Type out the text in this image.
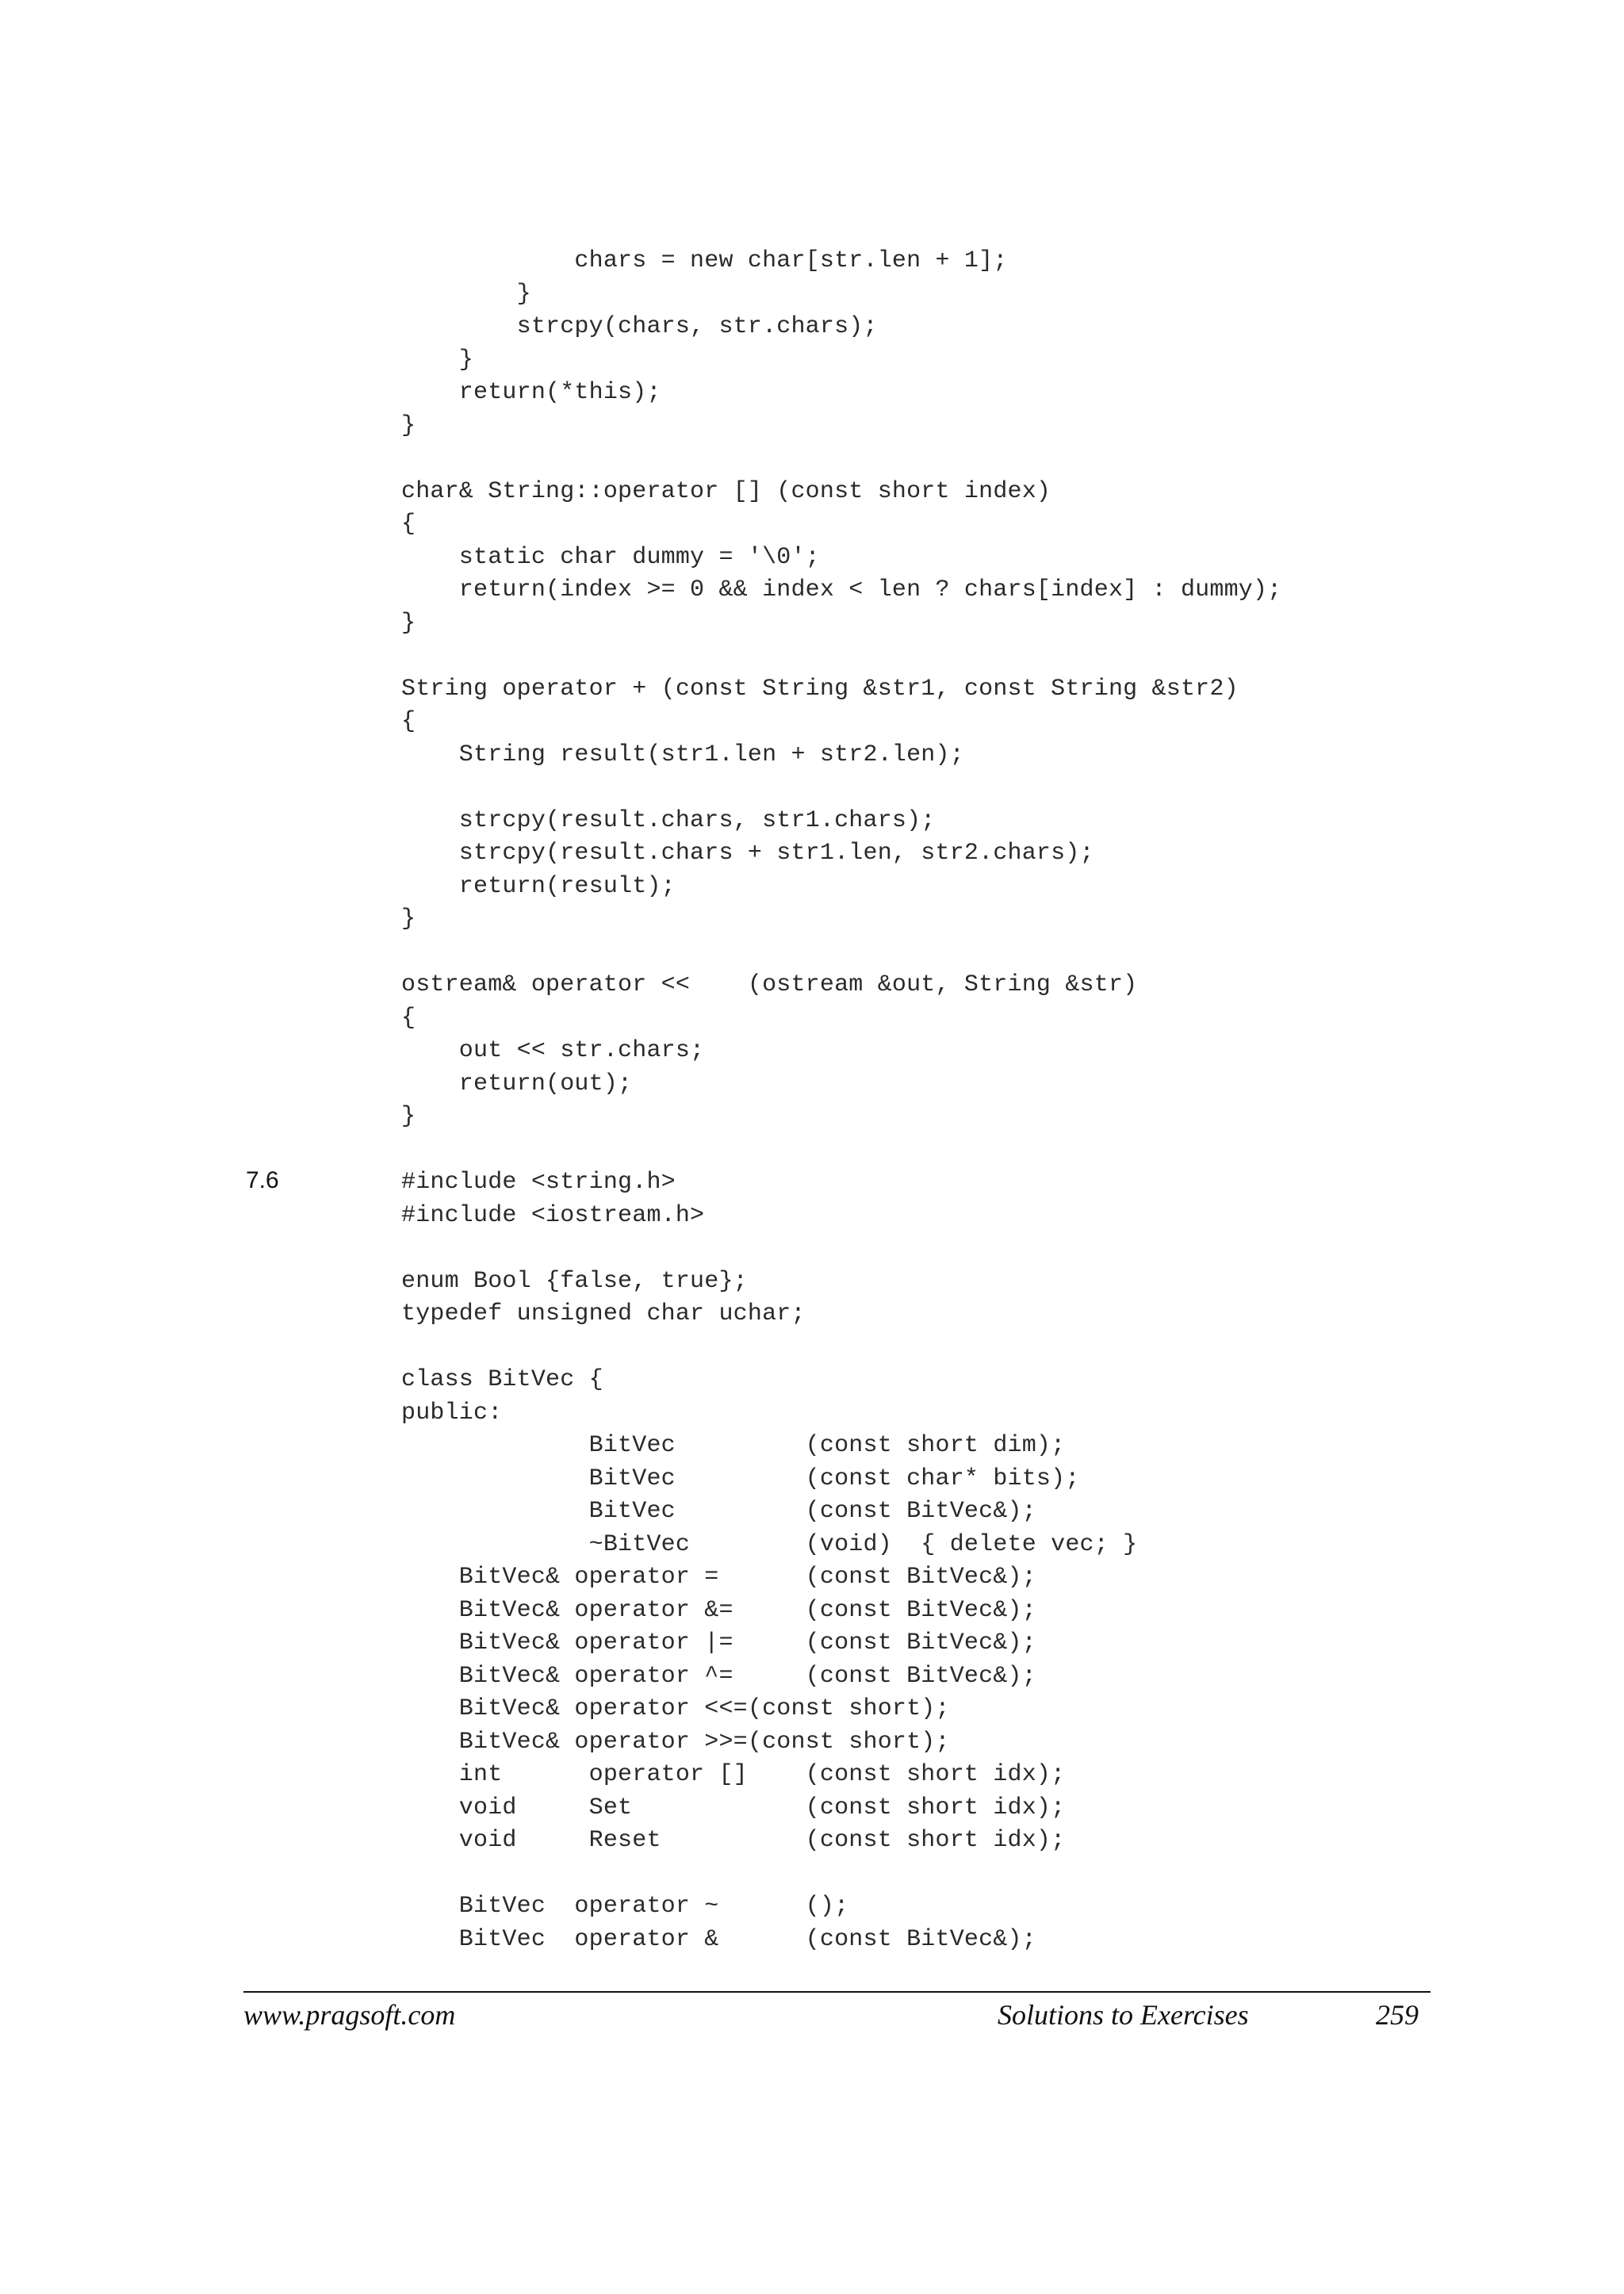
7.6
chars = new char[str.len + 1];
}
strcpy(chars, str.chars);
}
return(*this);
}
char& String::operator [] (const short index)
{
static char dummy = '\0';
return(index >= 0 && index < len ? chars[index] : dummy);
}
String operator + (const String &str1, const String &str2)
{
String result(str1.len + str2.len);
strcpy(result.chars, str1.chars);
strcpy(result.chars + str1.len, str2.chars);
return(result);
}
ostream& operator <<    (ostream &out, String &str)
{
out << str.chars;
return(out);
}
#include <string.h>
#include <iostream.h>
enum Bool {false, true};
typedef unsigned char uchar;
class BitVec {
public:
BitVec         (const short dim);
BitVec         (const char* bits);
BitVec         (const BitVec&);
~BitVec        (void)  { delete vec; }
BitVec& operator =      (const BitVec&);
BitVec& operator &=     (const BitVec&);
BitVec& operator |=     (const BitVec&);
BitVec& operator ^=     (const BitVec&);
BitVec& operator <<=(const short);
BitVec& operator >>=(const short);
int      operator []    (const short idx);
void     Set            (const short idx);
void     Reset          (const short idx);
BitVec  operator ~      ();
BitVec  operator &      (const BitVec&);
www.pragsoft.com	Solutions to Exercises	259
